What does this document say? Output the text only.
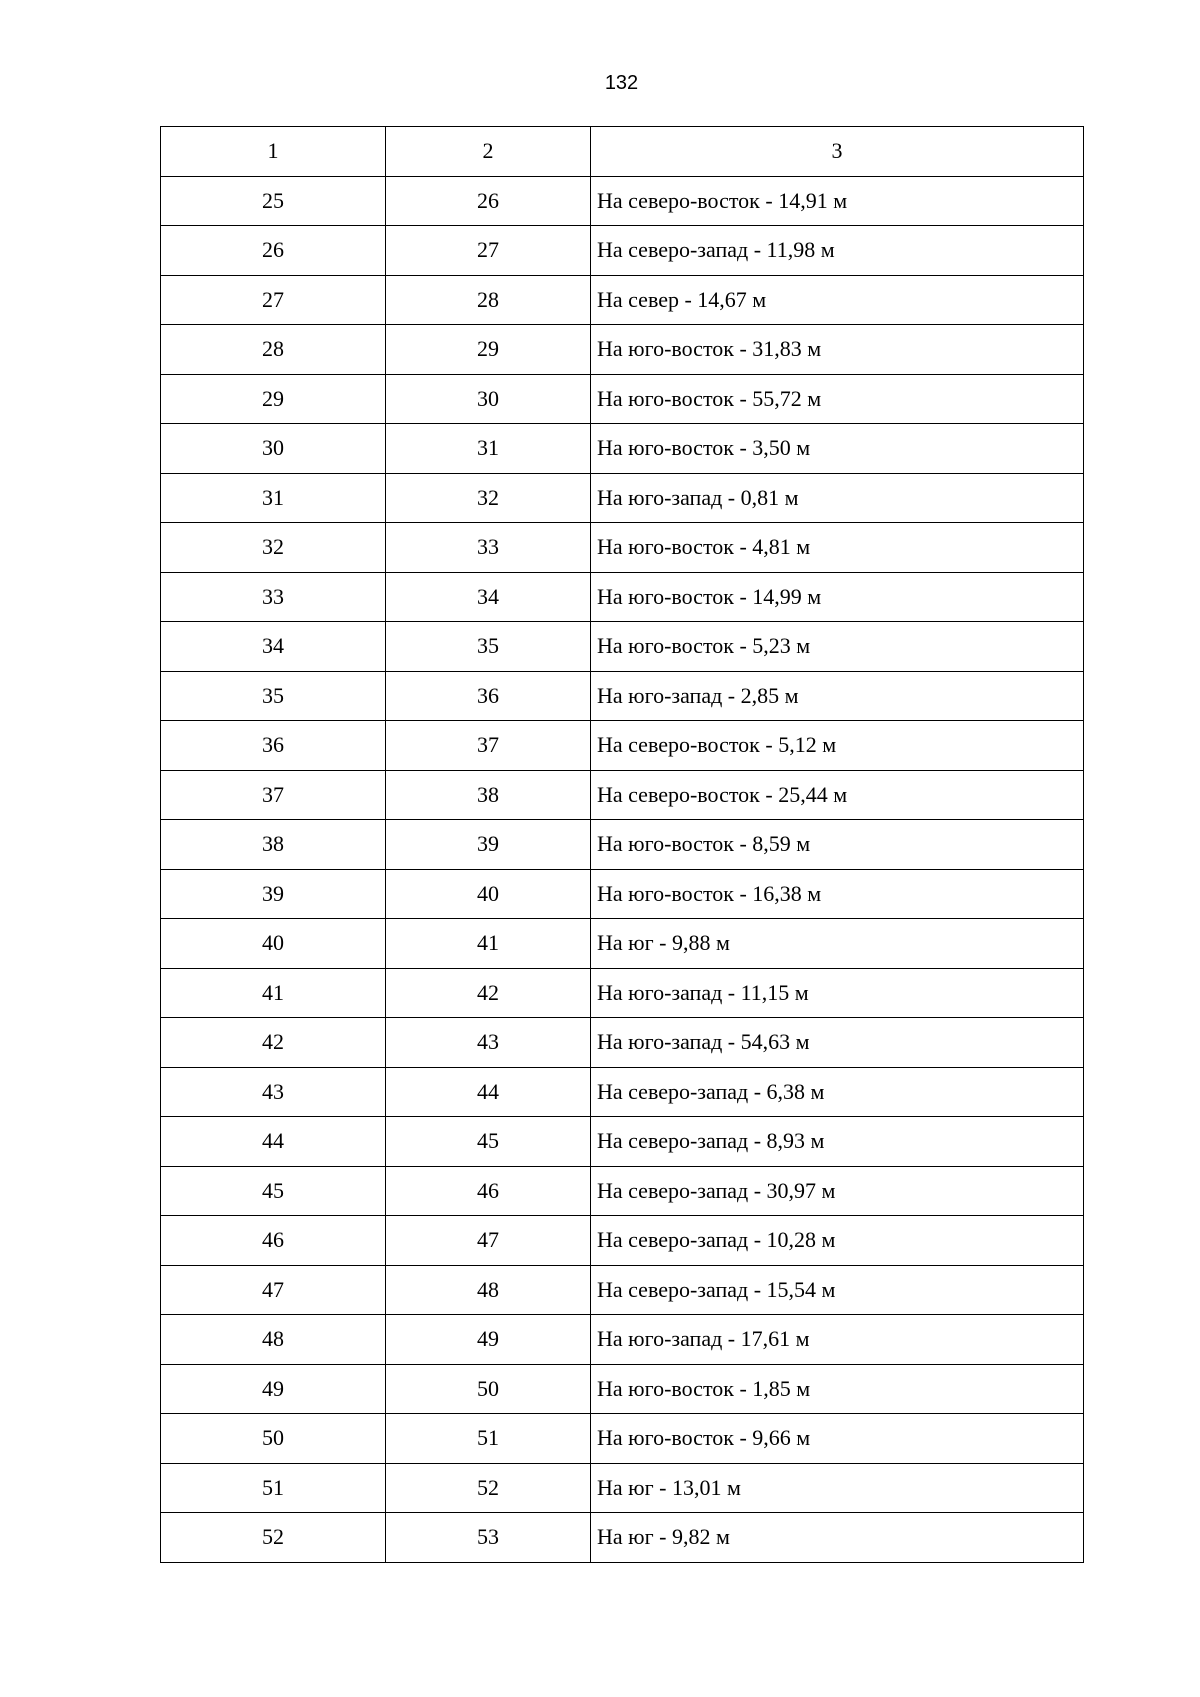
132
1	2	3
25	26	На северо-восток - 14,91 м
26	27	На северо-запад - 11,98 м
27	28	На север - 14,67 м
28	29	На юго-восток - 31,83 м
29	30	На юго-восток - 55,72 м
30	31	На юго-восток - 3,50 м
31	32	На юго-запад - 0,81 м
32	33	На юго-восток - 4,81 м
33	34	На юго-восток - 14,99 м
34	35	На юго-восток - 5,23 м
35	36	На юго-запад - 2,85 м
36	37	На северо-восток - 5,12 м
37	38	На северо-восток - 25,44 м
38	39	На юго-восток - 8,59 м
39	40	На юго-восток - 16,38 м
40	41	На юг - 9,88 м
41	42	На юго-запад - 11,15 м
42	43	На юго-запад - 54,63 м
43	44	На северо-запад - 6,38 м
44	45	На северо-запад - 8,93 м
45	46	На северо-запад - 30,97 м
46	47	На северо-запад - 10,28 м
47	48	На северо-запад - 15,54 м
48	49	На юго-запад - 17,61 м
49	50	На юго-восток - 1,85 м
50	51	На юго-восток - 9,66 м
51	52	На юг - 13,01 м
52	53	На юг - 9,82 м
